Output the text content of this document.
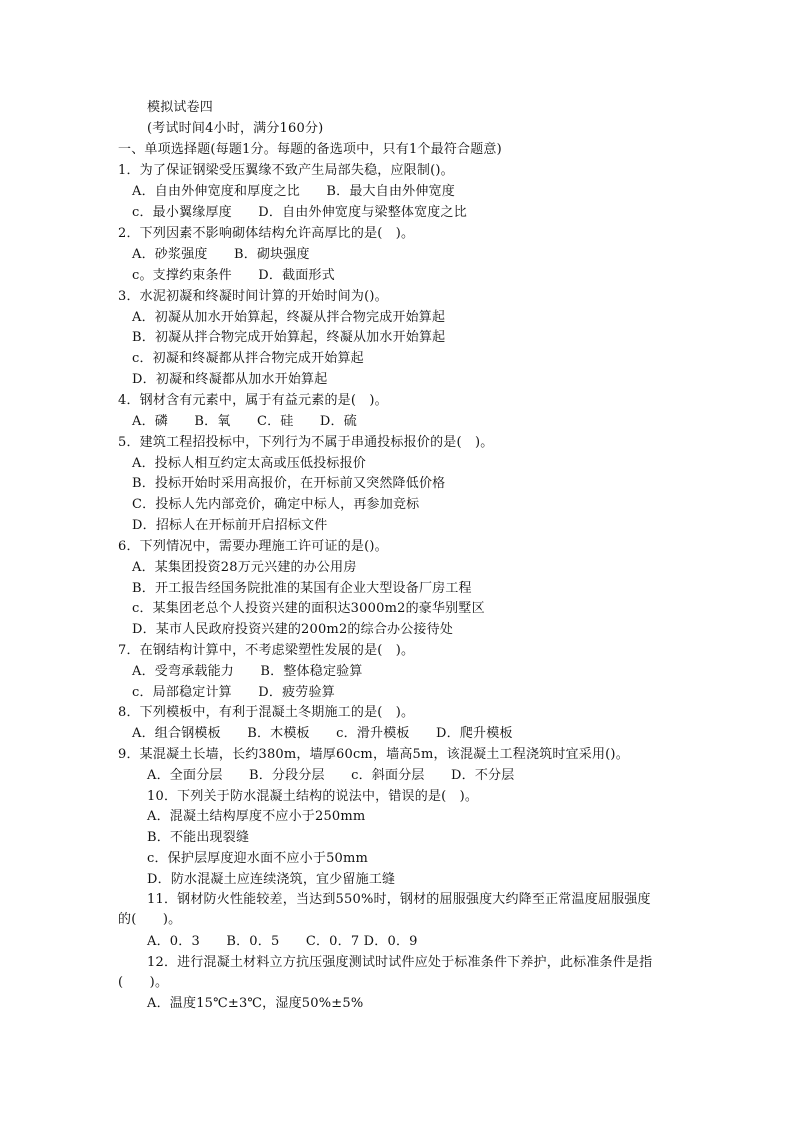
模拟试卷四
(考试时间4小时，满分160分)
一、单项选择题(每题1分。每题的备选项中，只有1个最符合题意)
1．为了保证钢梁受压翼缘不致产生局部失稳，应限制()。
A．自由外伸宽度和厚度之比　　B．最大自由外伸宽度
c．最小翼缘厚度　　D．自由外伸宽度与梁整体宽度之比
2．下列因素不影响砌体结构允许高厚比的是(　)。
A．砂浆强度　　B．砌块强度
c。支撑约束条件　　D．截面形式
3．水泥初凝和终凝时间计算的开始时间为()。
A．初凝从加水开始算起，终凝从拌合物完成开始算起
B．初凝从拌合物完成开始算起，终凝从加水开始算起
c．初凝和终凝都从拌合物完成开始算起
D．初凝和终凝都从加水开始算起
4．钢材含有元素中，属于有益元素的是(　)。
A．磷　　B．氧　　C．硅　　D．硫
5．建筑工程招投标中，下列行为不属于串通投标报价的是(　)。
A．投标人相互约定太高或压低投标报价
B．投标开始时采用高报价，在开标前又突然降低价格
C．投标人先内部竞价，确定中标人，再参加竞标
D．招标人在开标前开启招标文件
6．下列情况中，需要办理施工许可证的是()。
A．某集团投资28万元兴建的办公用房
B．开工报告经国务院批准的某国有企业大型设备厂房工程
c．某集团老总个人投资兴建的面积达3000m2的豪华别墅区
D．某市人民政府投资兴建的200m2的综合办公接待处
7．在钢结构计算中，不考虑梁塑性发展的是(　)。
A．受弯承载能力　　B．整体稳定验算
c．局部稳定计算　　D．疲劳验算
8．下列模板中，有利于混凝土冬期施工的是(　)。
A．组合钢模板　　B．木模板　　c．滑升模板　　D．爬升模板
9．某混凝土长墙，长约380m，墙厚60cm，墙高5m，该混凝土工程浇筑时宜采用()。
A．全面分层　　B．分段分层　　c．斜面分层　　D．不分层
10．下列关于防水混凝土结构的说法中，错误的是(　)。
A．混凝土结构厚度不应小于250mm
B．不能出现裂缝
c．保护层厚度迎水面不应小于50mm
D．防水混凝土应连续浇筑，宜少留施工缝
11．钢材防火性能较差，当达到550%时，钢材的屈服强度大约降至正常温度屈服强度
的(　　)。
A．0．3　　B．0．5　　C．0．7 D．0．9
12．进行混凝土材料立方抗压强度测试时试件应处于标准条件下养护，此标准条件是指
(　　)。
A．温度15℃±3℃，湿度50%±5%
